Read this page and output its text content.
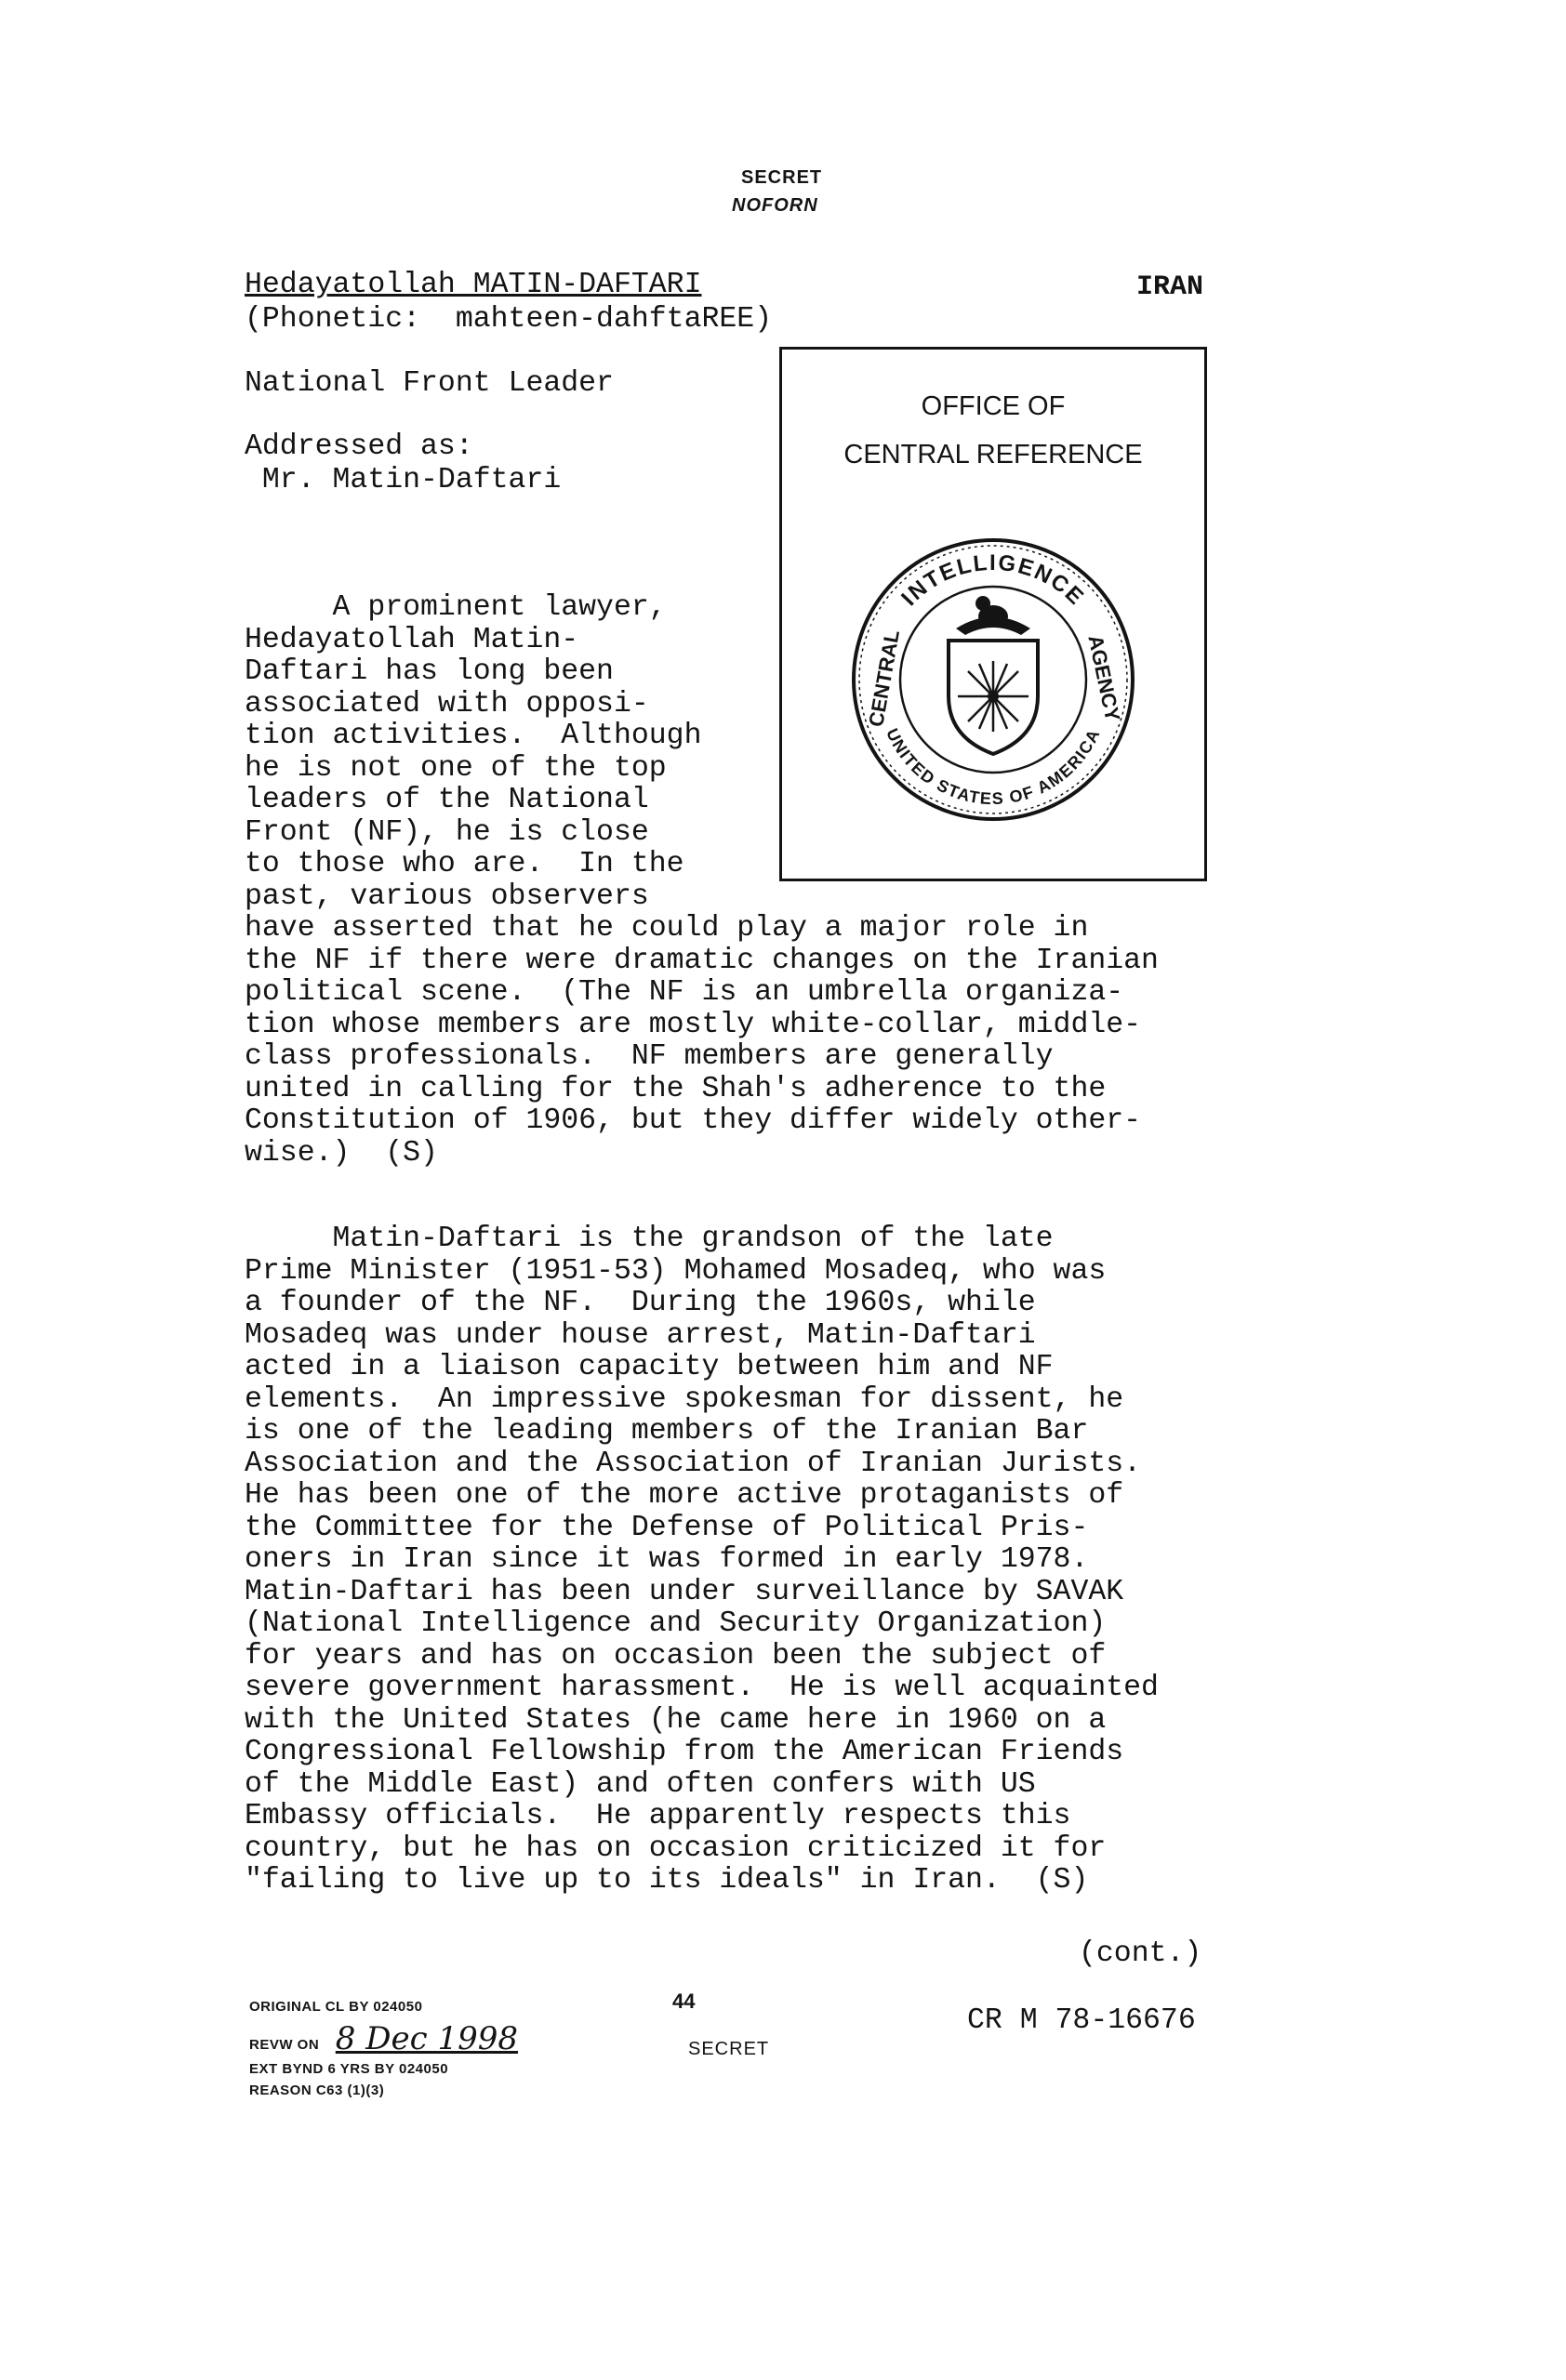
SECRET
NOFORN
Hedayatollah MATIN-DAFTARI	IRAN
(Phonetic:  mahteen-dahftaREE)
National Front Leader
Addressed as:
Mr. Matin-Daftari
OFFICE OF
CENTRAL REFERENCE
INTELLIGENCE
UNITED STATES OF AMERICA
CENTRAL	AGENCY
A prominent lawyer,
Hedayatollah Matin-
Daftari has long been
associated with opposi-
tion activities.  Although
he is not one of the top
leaders of the National
Front (NF), he is close
to those who are.  In the
past, various observers
have asserted that he could play a major role in
the NF if there were dramatic changes on the Iranian
political scene.  (The NF is an umbrella organiza-
tion whose members are mostly white-collar, middle-
class professionals.  NF members are generally
united in calling for the Shah's adherence to the
Constitution of 1906, but they differ widely other-
wise.)  (S)
Matin-Daftari is the grandson of the late
Prime Minister (1951-53) Mohamed Mosadeq, who was
a founder of the NF.  During the 1960s, while
Mosadeq was under house arrest, Matin-Daftari
acted in a liaison capacity between him and NF
elements.  An impressive spokesman for dissent, he
is one of the leading members of the Iranian Bar
Association and the Association of Iranian Jurists.
He has been one of the more active protaganists of
the Committee for the Defense of Political Pris-
oners in Iran since it was formed in early 1978.
Matin-Daftari has been under surveillance by SAVAK
(National Intelligence and Security Organization)
for years and has on occasion been the subject of
severe government harassment.  He is well acquainted
with the United States (he came here in 1960 on a
Congressional Fellowship from the American Friends
of the Middle East) and often confers with US
Embassy officials.  He apparently respects this
country, but he has on occasion criticized it for
"failing to live up to its ideals" in Iran.  (S)
(cont.)
CR M 78-16676
44
SECRET
ORIGINAL CL BY 024050
REVW ON 8 Dec 1998
EXT BYND 6 YRS BY 024050
REASON C63 (1)(3)
